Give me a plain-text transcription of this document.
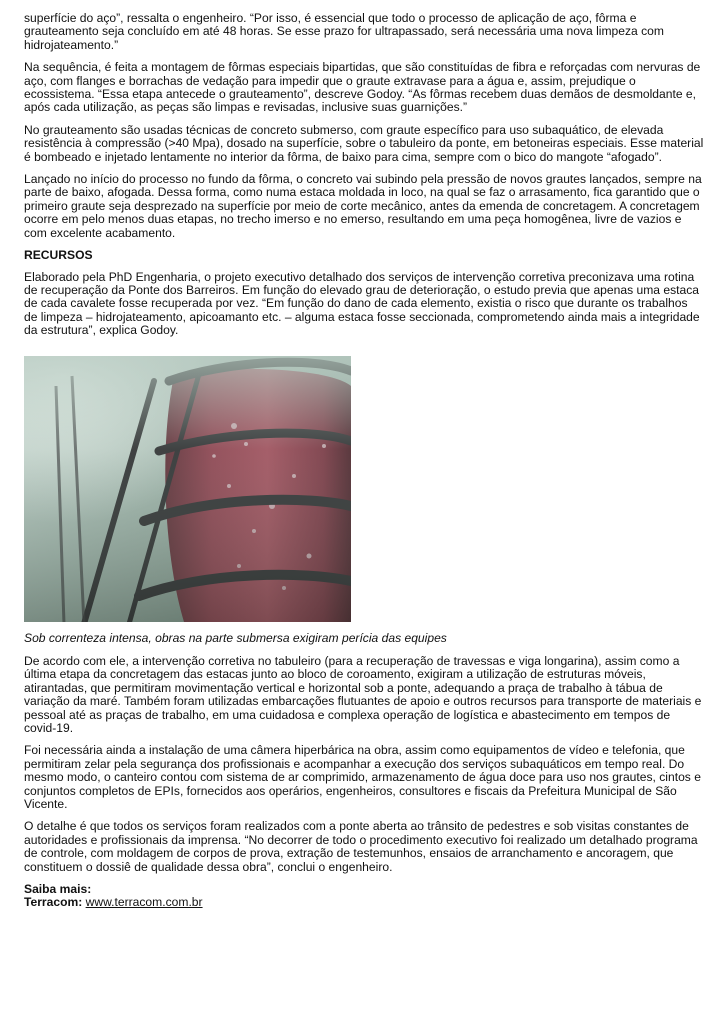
superfície do aço”, ressalta o engenheiro. “Por isso, é essencial que todo o processo de aplicação de aço, fôrma e grauteamento seja concluído em até 48 horas. Se esse prazo for ultrapassado, será necessária uma nova limpeza com hidrojateamento.”

Na sequência, é feita a montagem de fôrmas especiais bipartidas, que são constituídas de fibra e reforçadas com nervuras de aço, com flanges e borrachas de vedação para impedir que o graute extravase para a água e, assim, prejudique o ecossistema. “Essa etapa antecede o grauteamento”, descreve Godoy. “As fôrmas recebem duas demãos de desmoldante e, após cada utilização, as peças são limpas e revisadas, inclusive suas guarnições.”

No grauteamento são usadas técnicas de concreto submerso, com graute específico para uso subaquático, de elevada resistência à compressão (>40 Mpa), dosado na superfície, sobre o tabuleiro da ponte, em betoneiras especiais. Esse material é bombeado e injetado lentamente no interior da fôrma, de baixo para cima, sempre com o bico do mangote “afogado”.

Lançado no início do processo no fundo da fôrma, o concreto vai subindo pela pressão de novos grautes lançados, sempre na parte de baixo, afogada. Dessa forma, como numa estaca moldada in loco, na qual se faz o arrasamento, fica garantido que o primeiro graute seja desprezado na superfície por meio de corte mecânico, antes da emenda de concretagem. A concretagem ocorre em pelo menos duas etapas, no trecho imerso e no emerso, resultando em uma peça homogênea, livre de vazios e com excelente acabamento.

RECURSOS

Elaborado pela PhD Engenharia, o projeto executivo detalhado dos serviços de intervenção corretiva preconizava uma rotina de recuperação da Ponte dos Barreiros. Em função do elevado grau de deterioração, o estudo previa que apenas uma estaca de cada cavalete fosse recuperada por vez. “Em função do dano de cada elemento, existia o risco que durante os trabalhos de limpeza – hidrojateamento, apicoamanto etc. – alguma estaca fosse seccionada, comprometendo ainda mais a integridade da estrutura”, explica Godoy.

Sob correnteza intensa, obras na parte submersa exigiram perícia das equipes

De acordo com ele, a intervenção corretiva no tabuleiro (para a recuperação de travessas e viga longarina), assim como a última etapa da concretagem das estacas junto ao bloco de coroamento, exigiram a utilização de estruturas móveis, atirantadas, que permitiram movimentação vertical e horizontal sob a ponte, adequando a praça de trabalho à tábua de variação da maré. Também foram utilizadas embarcações flutuantes de apoio e outros recursos para transporte de materiais e pessoal até as praças de trabalho, em uma cuidadosa e complexa operação de logística e abastecimento em tempos de covid-19.

Foi necessária ainda a instalação de uma câmera hiperbárica na obra, assim como equipamentos de vídeo e telefonia, que permitiram zelar pela segurança dos profissionais e acompanhar a execução dos serviços subaquáticos em tempo real. Do mesmo modo, o canteiro contou com sistema de ar comprimido, armazenamento de água doce para uso nos grautes, cintos e conjuntos completos de EPIs, fornecidos aos operários, engenheiros, consultores e fiscais da Prefeitura Municipal de São Vicente.

O detalhe é que todos os serviços foram realizados com a ponte aberta ao trânsito de pedestres e sob visitas constantes de autoridades e profissionais da imprensa. “No decorrer de todo o procedimento executivo foi realizado um detalhado programa de controle, com moldagem de corpos de prova, extração de testemunhos, ensaios de arranchamento e ancoragem, que constituem o dossiê de qualidade dessa obra”, conclui o engenheiro.

Saiba mais:
Terracom: www.terracom.com.br
